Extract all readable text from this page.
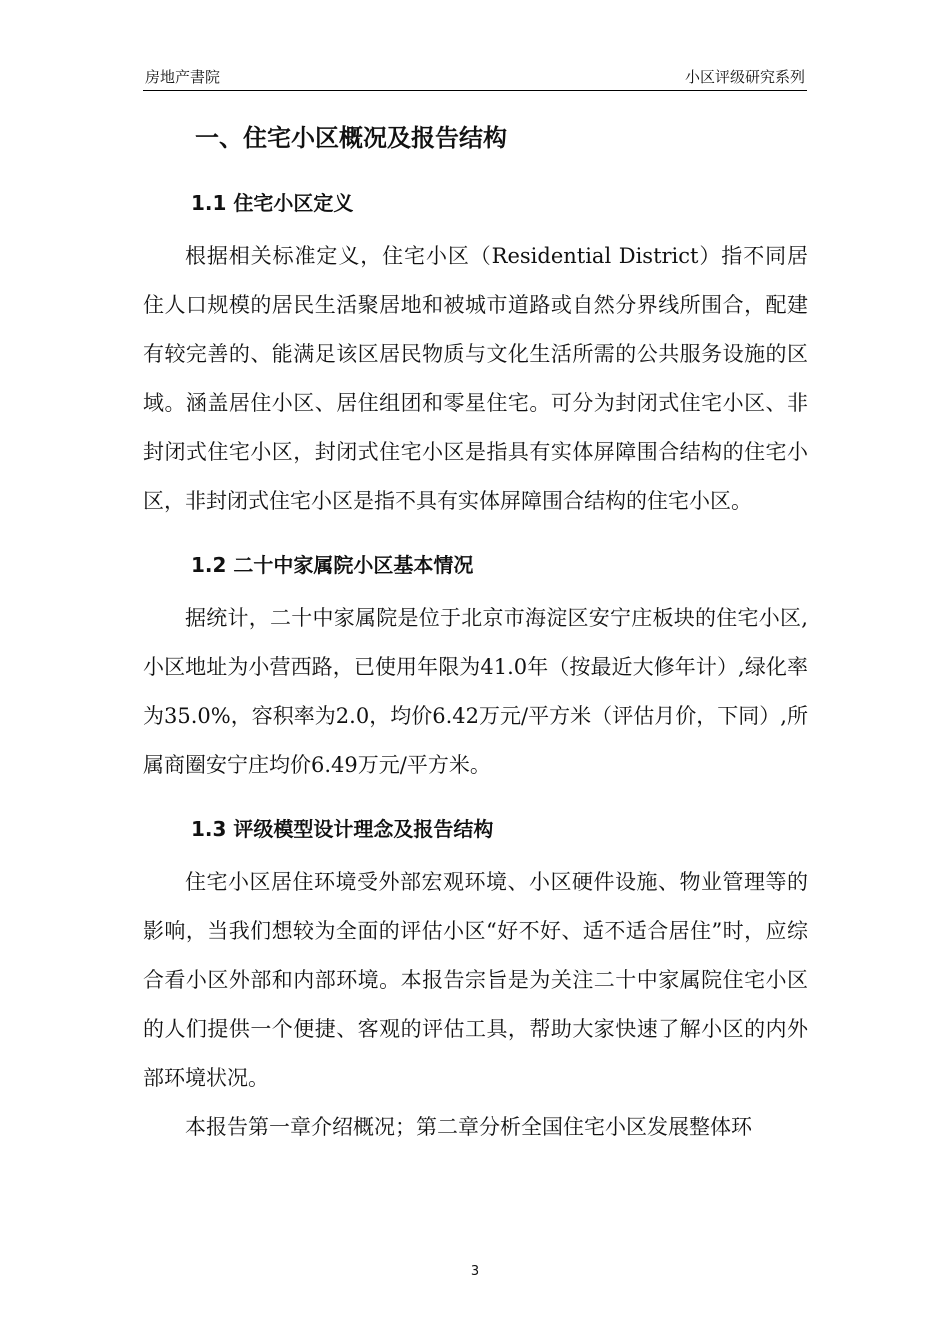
房地产書院	小区评级研究系列
一、住宅小区概况及报告结构
1.1 住宅小区定义

根据相关标准定义，住宅小区（Residential District）指不同居住人口规模的居民生活聚居地和被城市道路或自然分界线所围合，配建有较完善的、能满足该区居民物质与文化生活所需的公共服务设施的区域。涵盖居住小区、居住组团和零星住宅。可分为封闭式住宅小区、非封闭式住宅小区，封闭式住宅小区是指具有实体屏障围合结构的住宅小区，非封闭式住宅小区是指不具有实体屏障围合结构的住宅小区。

1.2 二十中家属院小区基本情况

据统计，二十中家属院是位于北京市海淀区安宁庄板块的住宅小区,小区地址为小营西路，已使用年限为41.0年（按最近大修年计）,绿化率为35.0%，容积率为2.0，均价6.42万元/平方米（评估月价，下同）,所属商圈安宁庄均价6.49万元/平方米。

1.3 评级模型设计理念及报告结构

住宅小区居住环境受外部宏观环境、小区硬件设施、物业管理等的影响，当我们想较为全面的评估小区“好不好、适不适合居住”时，应综合看小区外部和内部环境。本报告宗旨是为关注二十中家属院住宅小区的人们提供一个便捷、客观的评估工具，帮助大家快速了解小区的内外部环境状况。

本报告第一章介绍概况；第二章分析全国住宅小区发展整体环

3
